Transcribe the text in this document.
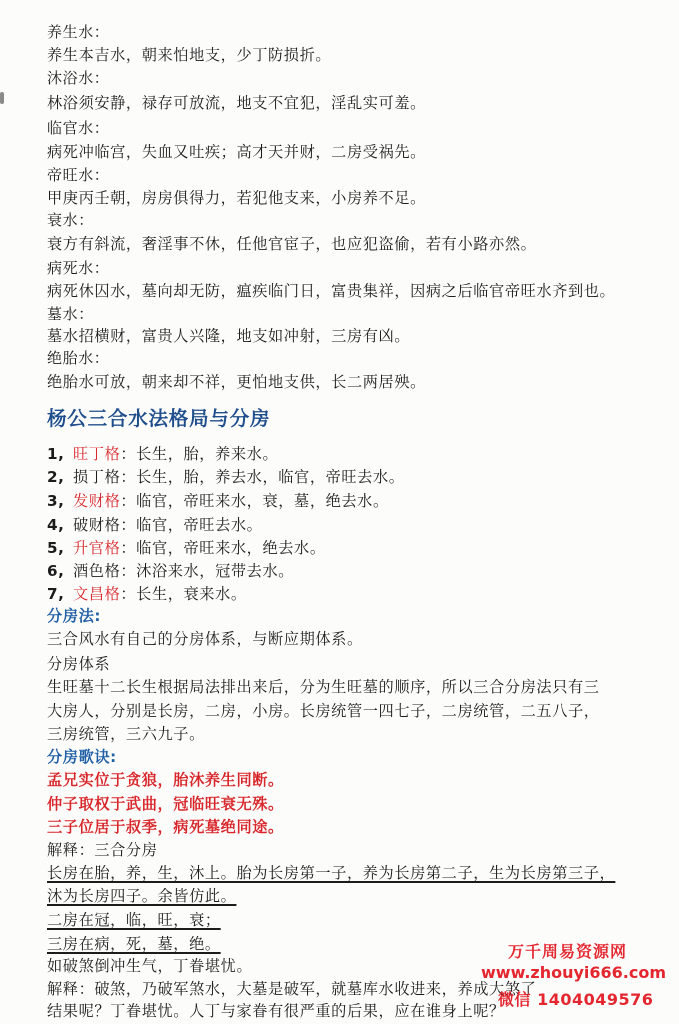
养生水：
养生本吉水，朝来怕地支，少丁防损折。
沐浴水：
林浴须安静，禄存可放流，地支不宜犯，淫乱实可羞。
临官水：
病死冲临宫，失血又吐疾；高才天并财，二房受祸先。
帝旺水：
甲庚丙壬朝，房房俱得力，若犯他支来，小房养不足。
衰水：
衰方有斜流，奢淫事不休，任他官宦子，也应犯盗偷，若有小路亦然。
病死水：
病死休囚水，墓向却无防，瘟疾临门日，富贵集祥，因病之后临官帝旺水齐到也。
墓水：
墓水招横财，富贵人兴隆，地支如冲射，三房有凶。
绝胎水：
绝胎水可放，朝来却不祥，更怕地支供，长二两居殃。
杨公三合水法格局与分房
1, 旺丁格：长生，胎，养来水。
2, 损丁格：长生，胎，养去水，临官，帝旺去水。
3, 发财格：临官，帝旺来水，衰，墓，绝去水。
4, 破财格：临官，帝旺去水。
5, 升官格：临官，帝旺来水，绝去水。
6, 酒色格：沐浴来水，冠带去水。
7, 文昌格：长生，衰来水。
分房法:
三合风水有自己的分房体系，与断应期体系。
分房体系
生旺墓十二长生根据局法排出来后，分为生旺墓的顺序，所以三合分房法只有三
大房人，分别是长房，二房，小房。长房统管一四七子，二房统管，二五八子，
三房统管，三六九子。
分房歌诀:
孟兄实位于贪狼，胎沐养生同断。
仲子取权于武曲，冠临旺衰无殊。
三子位居于叔季，病死墓绝同途。
解释：三合分房
长房在胎，养，生，沐上。胎为长房第一子，养为长房第二子，生为长房第三子，
沐为长房四子。余皆仿此。
二房在冠，临，旺，衰；
三房在病，死，墓，绝。
如破煞倒冲生气，丁眷堪忧。
解释：破煞，乃破军煞水，大墓是破军，就墓库水收进来，养成大煞了
结果呢？丁眷堪忧。人丁与家眷有很严重的后果，应在谁身上呢？
万千周易资源网
www.zhouyi666.com
微信 1404049576
